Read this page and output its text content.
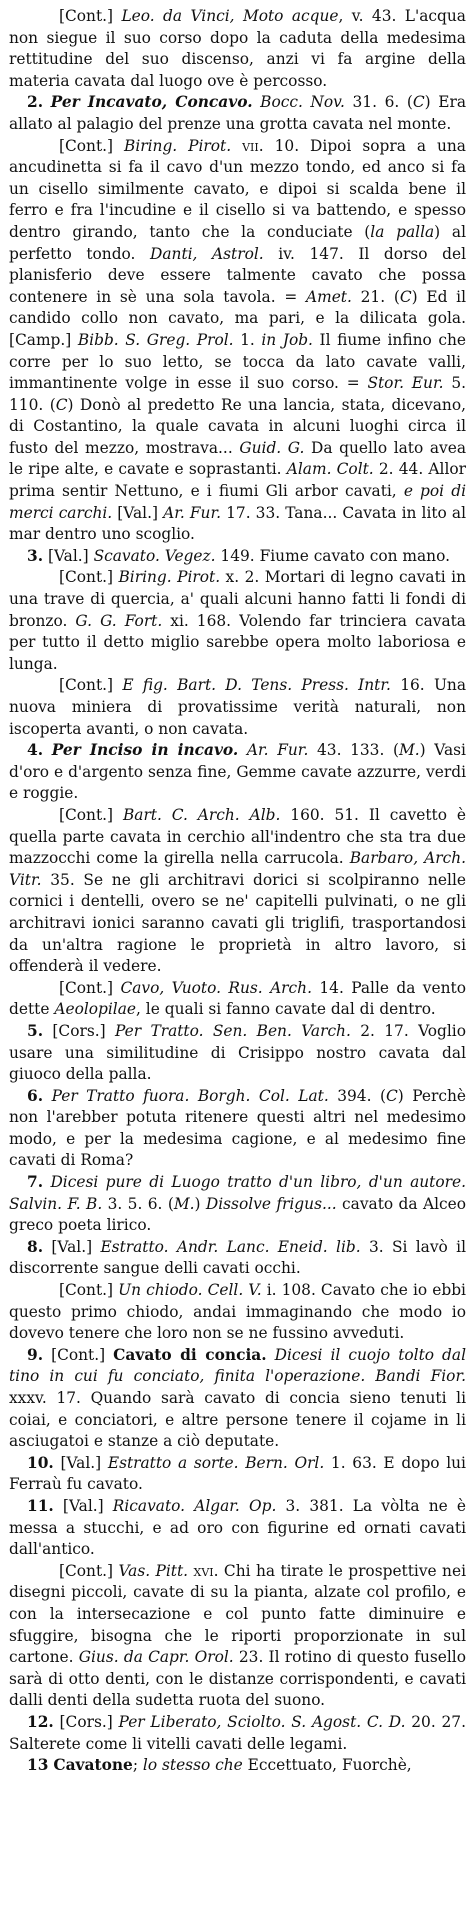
[Cont.] Leo. da Vinci, Moto acque, v. 43. L'acqua non siegue il suo corso dopo la caduta della medesima rettitudine del suo discenso, anzi vi fa argine della materia cavata dal luogo ove è percosso.
2. Per Incavato, Concavo. Bocc. Nov. 31. 6. (C) Era allato al palagio del prenze una grotta cavata nel monte.
[Cont.] Biring. Pirot. vii. 10. Dipoi sopra a una ancudinetta si fa il cavo d'un mezzo tondo, ed anco si fa un cisello similmente cavato, e dipoi si scalda bene il ferro e fra l'incudine e il cisello si va battendo, e spesso dentro girando, tanto che la conduciate (la palla) al perfetto tondo. Danti, Astrol. iv. 147. Il dorso del planisferio deve essere talmente cavato che possa contenere in sè una sola tavola. = Amet. 21. (C) Ed il candido collo non cavato, ma pari, e la dilicata gola. [Camp.] Bibb. S. Greg. Prol. 1. in Job. Il fiume infino che corre per lo suo letto, se tocca da lato cavate valli, immantinente volge in esse il suo corso. = Stor. Eur. 5. 110. (C) Donò al predetto Re una lancia, stata, dicevano, di Costantino, la quale cavata in alcuni luoghi circa il fusto del mezzo, mostrava... Guid. G. Da quello lato avea le ripe alte, e cavate e soprastanti. Alam. Colt. 2. 44. Allor prima sentir Nettuno, e i fiumi Gli arbor cavati, e poi di merci carchi. [Val.] Ar. Fur. 17. 33. Tana... Cavata in lito al mar dentro uno scoglio.
3. [Val.] Scavato. Vegez. 149. Fiume cavato con mano.
[Cont.] Biring. Pirot. x. 2. Mortari di legno cavati in una trave di quercia, a' quali alcuni hanno fatti li fondi di bronzo. G. G. Fort. xi. 168. Volendo far trinciera cavata per tutto il detto miglio sarebbe opera molto laboriosa e lunga.
[Cont.] E fig. Bart. D. Tens. Press. Intr. 16. Una nuova miniera di provatissime verità naturali, non iscoperta avanti, o non cavata.
4. Per Inciso in incavo. Ar. Fur. 43. 133. (M.) Vasi d'oro e d'argento senza fine, Gemme cavate azzurre, verdi e roggie.
[Cont.] Bart. C. Arch. Alb. 160. 51. Il cavetto è quella parte cavata in cerchio all'indentro che sta tra due mazzocchi come la girella nella carrucola. Barbaro, Arch. Vitr. 35. Se ne gli architravi dorici si scolpiranno nelle cornici i dentelli, overo se ne' capitelli pulvinati, o ne gli architravi ionici saranno cavati gli triglifi, trasportandosi da un'altra ragione le proprietà in altro lavoro, si offenderà il vedere.
[Cont.] Cavo, Vuoto. Rus. Arch. 14. Palle da vento dette Aeolopilae, le quali si fanno cavate dal di dentro.
5. [Cors.] Per Tratto. Sen. Ben. Varch. 2. 17. Voglio usare una similitudine di Crisippo nostro cavata dal giuoco della palla.
6. Per Tratto fuora. Borgh. Col. Lat. 394. (C) Perchè non l'arebber potuta ritenere questi altri nel medesimo modo, e per la medesima cagione, e al medesimo fine cavati di Roma?
7. Dicesi pure di Luogo tratto d'un libro, d'un autore. Salvin. F. B. 3. 5. 6. (M.) Dissolve frigus... cavato da Alceo greco poeta lirico.
8. [Val.] Estratto. Andr. Lanc. Eneid. lib. 3. Si lavò il discorrente sangue delli cavati occhi.
[Cont.] Un chiodo. Cell. V. i. 108. Cavato che io ebbi questo primo chiodo, andai immaginando che modo io dovevo tenere che loro non se ne fussino avveduti.
9. [Cont.] Cavato di concia. Dicesi il cuojo tolto dal tino in cui fu conciato, finita l'operazione. Bandi Fior. xxxv. 17. Quando sarà cavato di concia sieno tenuti li coiai, e conciatori, e altre persone tenere il cojame in li asciugatoi e stanze a ciò deputate.
10. [Val.] Estratto a sorte. Bern. Orl. 1. 63. E dopo lui Ferraù fu cavato.
11. [Val.] Ricavato. Algar. Op. 3. 381. La vòlta ne è messa a stucchi, e ad oro con figurine ed ornati cavati dall'antico.
[Cont.] Vas. Pitt. xvi. Chi ha tirate le prospettive nei disegni piccoli, cavate di su la pianta, alzate col profilo, e con la intersecazione e col punto fatte diminuire e sfuggire, bisogna che le riporti proporzionate in sul cartone. Gius. da Capr. Orol. 23. Il rotino di questo fusello sarà di otto denti, con le distanze corrispondenti, e cavati dalli denti della sudetta ruota del suono.
12. [Cors.] Per Liberato, Sciolto. S. Agost. C. D. 20. 27. Salterete come li vitelli cavati delle legami.
13 Cavatone; lo stesso che Eccettuato, Fuorchè,
